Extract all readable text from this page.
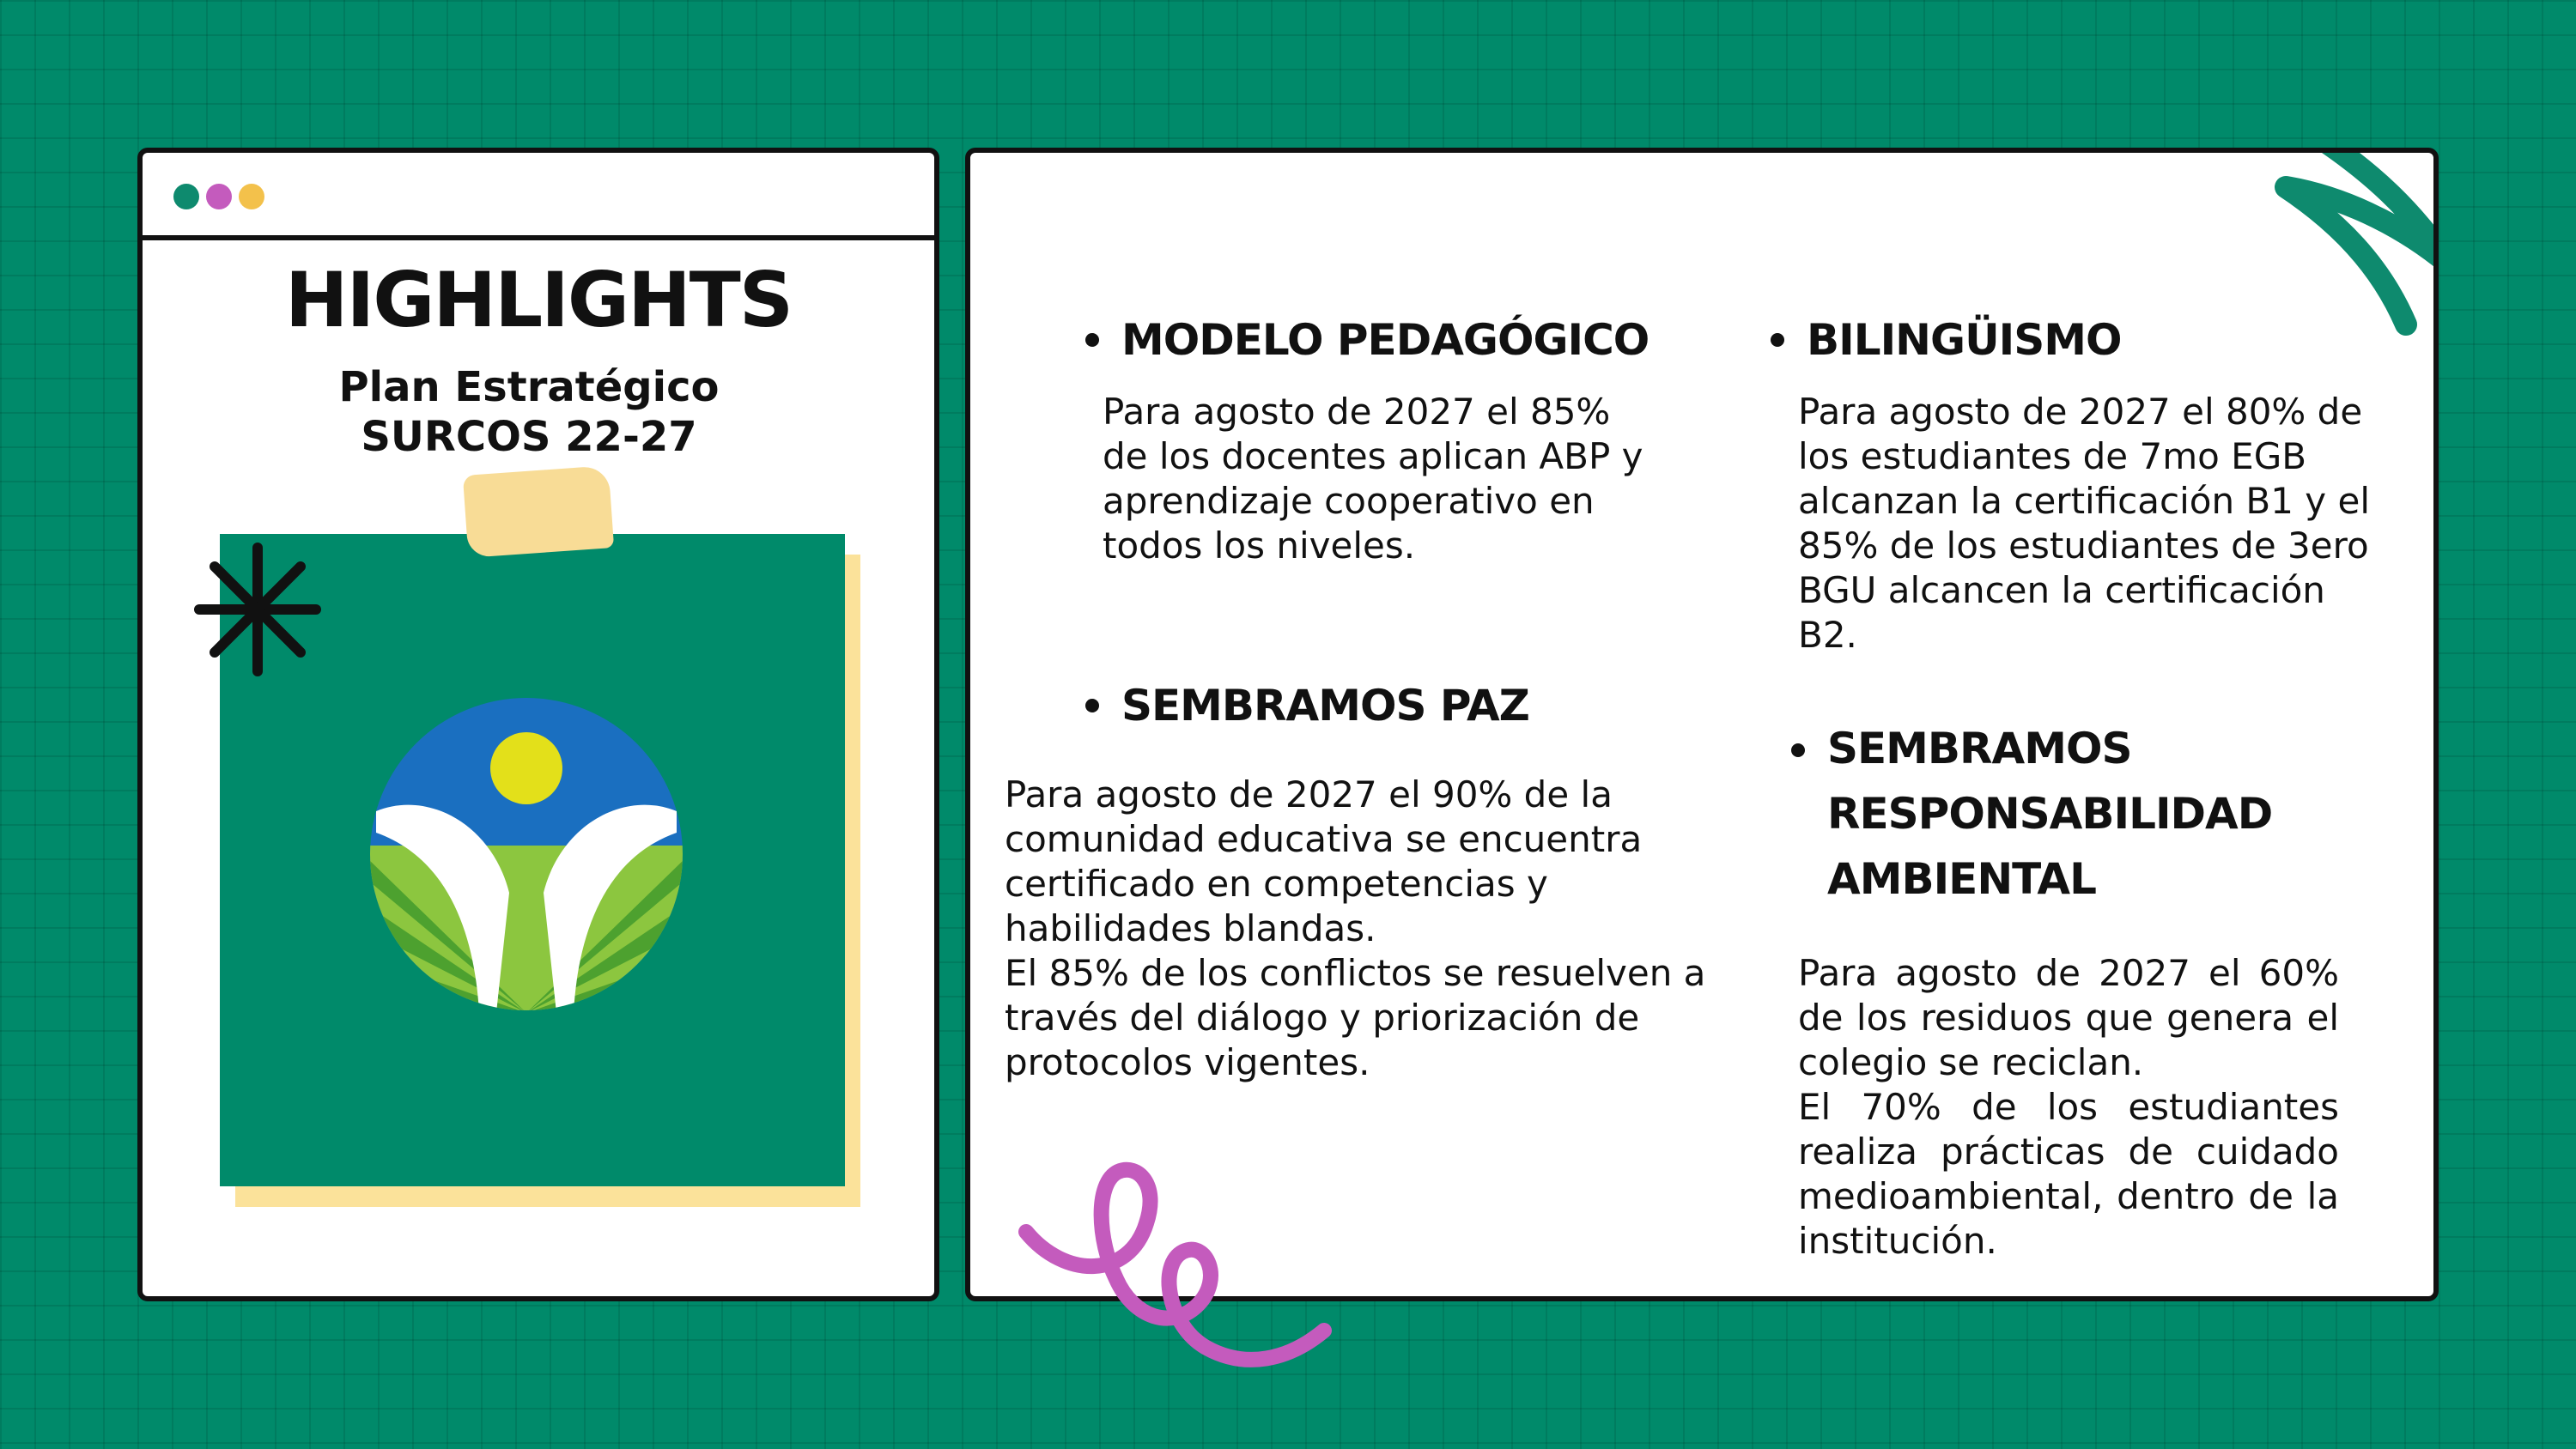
HIGHLIGHTS
Plan Estratégico SURCOS 22-27
MODELO PEDAGÓGICO

Para agosto de 2027 el 85%
de los docentes aplican ABP y
aprendizaje cooperativo en
todos los niveles.

BILINGÜISMO

Para agosto de 2027 el 80% de
los estudiantes de 7mo EGB
alcanzan la certificación B1 y el
85% de los estudiantes de 3ero
BGU alcancen la certificación
B2.

SEMBRAMOS PAZ

Para agosto de 2027 el 90% de la
comunidad educativa se encuentra
certificado en competencias y
habilidades blandas.
El 85% de los conflictos se resuelven a
través del diálogo y priorización de
protocolos vigentes.

SEMBRAMOS
RESPONSABILIDAD
AMBIENTAL

Para agosto de 2027 el 60% de los residuos que genera el colegio se reciclan.

El 70% de los estudiantes realiza prácticas de cuidado medioambiental, dentro de la institución.
